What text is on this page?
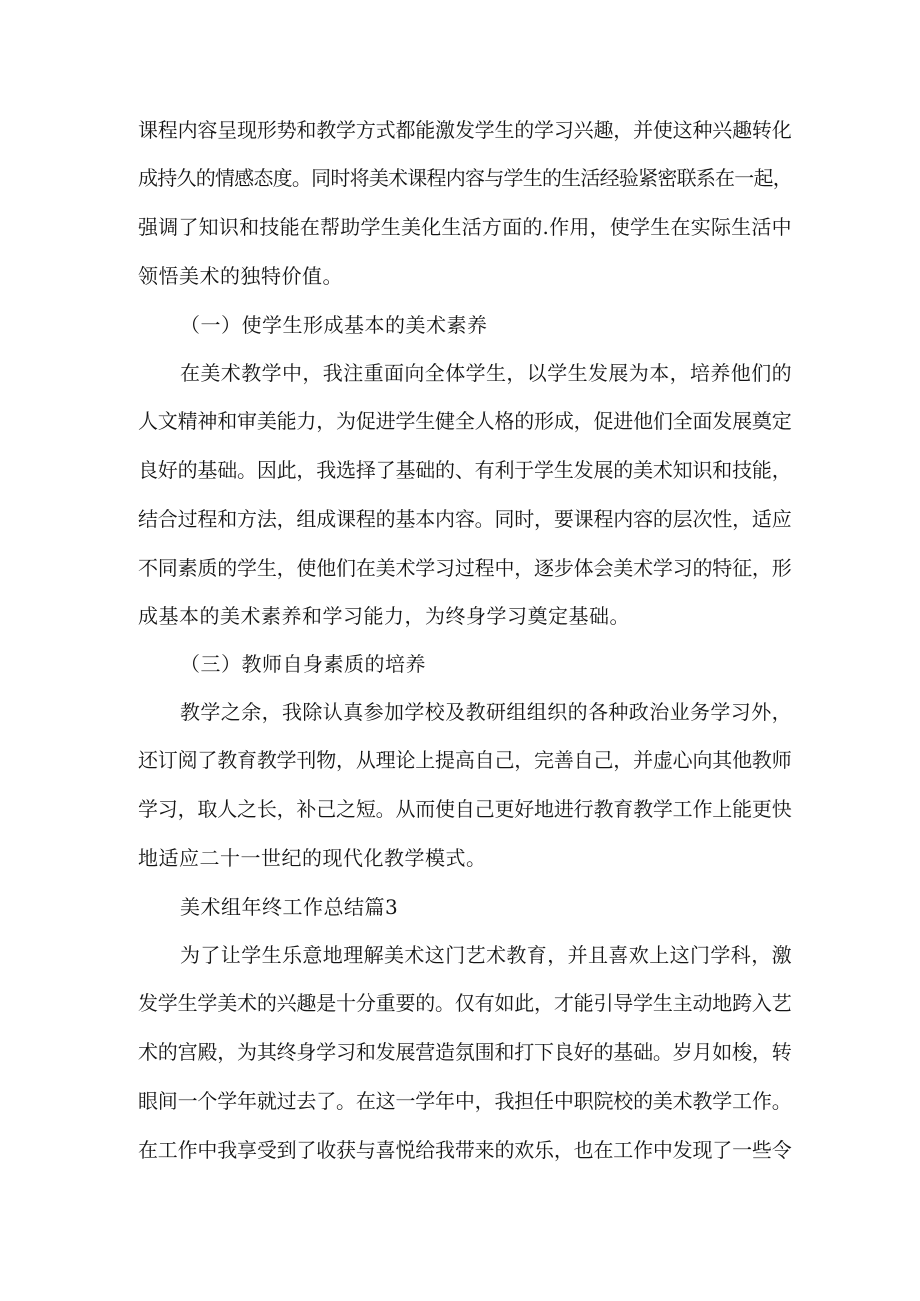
课程内容呈现形势和教学方式都能激发学生的学习兴趣，并使这种兴趣转化
成持久的情感态度。同时将美术课程内容与学生的生活经验紧密联系在一起，
强调了知识和技能在帮助学生美化生活方面的.作用，使学生在实际生活中
领悟美术的独特价值。
（一）使学生形成基本的美术素养
在美术教学中，我注重面向全体学生，以学生发展为本，培养他们的
人文精神和审美能力，为促进学生健全人格的形成，促进他们全面发展奠定
良好的基础。因此，我选择了基础的、有利于学生发展的美术知识和技能，
结合过程和方法，组成课程的基本内容。同时，要课程内容的层次性，适应
不同素质的学生，使他们在美术学习过程中，逐步体会美术学习的特征，形
成基本的美术素养和学习能力，为终身学习奠定基础。
（三）教师自身素质的培养
教学之余，我除认真参加学校及教研组组织的各种政治业务学习外，
还订阅了教育教学刊物，从理论上提高自己，完善自己，并虚心向其他教师
学习，取人之长，补己之短。从而使自己更好地进行教育教学工作上能更快
地适应二十一世纪的现代化教学模式。
美术组年终工作总结篇3
为了让学生乐意地理解美术这门艺术教育，并且喜欢上这门学科，激
发学生学美术的兴趣是十分重要的。仅有如此，才能引导学生主动地跨入艺
术的宫殿，为其终身学习和发展营造氛围和打下良好的基础。岁月如梭，转
眼间一个学年就过去了。在这一学年中，我担任中职院校的美术教学工作。
在工作中我享受到了收获与喜悦给我带来的欢乐，也在工作中发现了一些令
